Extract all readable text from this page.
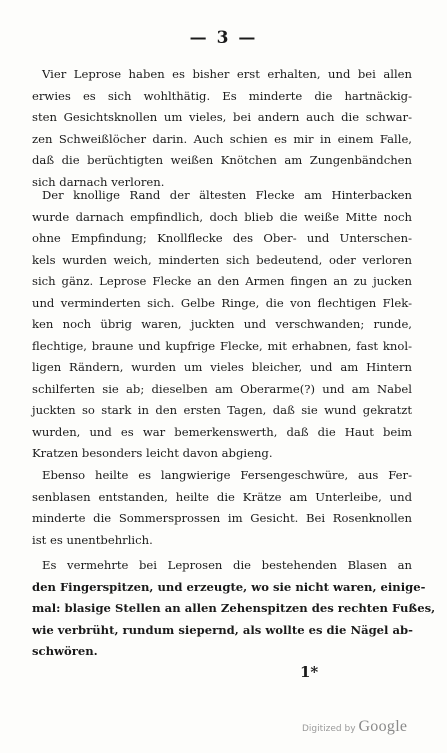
— 3 —

Vier Leprose haben es bisher erst erhalten, und bei allen
erwies es sich wohlthätig. Es minderte die hartnäckig-
sten Gesichtsknollen um vieles, bei andern auch die schwar-
zen Schweißlöcher darin. Auch schien es mir in einem Falle,
daß die berüchtigten weißen Knötchen am Zungenbändchen
sich darnach verloren.

Der knollige Rand der ältesten Flecke am Hinterbacken
wurde darnach empfindlich, doch blieb die weiße Mitte noch
ohne Empfindung; Knollflecke des Ober- und Unterschen-
kels wurden weich, minderten sich bedeutend, oder verloren
sich gänz. Leprose Flecke an den Armen fingen an zu jucken
und verminderten sich. Gelbe Ringe, die von flechtigen Flek-
ken noch übrig waren, juckten und verschwanden; runde,
flechtige, braune und kupfrige Flecke, mit erhabnen, fast knol-
ligen Rändern, wurden um vieles bleicher, und am Hintern
schilferten sie ab; dieselben am Oberarme(?) und am Nabel
juckten so stark in den ersten Tagen, daß sie wund gekratzt
wurden, und es war bemerkenswerth, daß die Haut beim
Kratzen besonders leicht davon abgieng.

Ebenso heilte es langwierige Fersengeschwüre, aus Fer-
senblasen entstanden, heilte die Krätze am Unterleibe, und
minderte die Sommersprossen im Gesicht. Bei Rosenknollen
ist es unentbehrlich.

Es vermehrte bei Leprosen die bestehenden Blasen an
den Fingerspitzen, und erzeugte, wo sie nicht waren, einige-
mal: blasige Stellen an allen Zehenspitzen des rechten Fußes,
wie verbrüht, rundum siepernd, als wollte es die Nägel ab-
schwören.

1*
Digitized by Google
